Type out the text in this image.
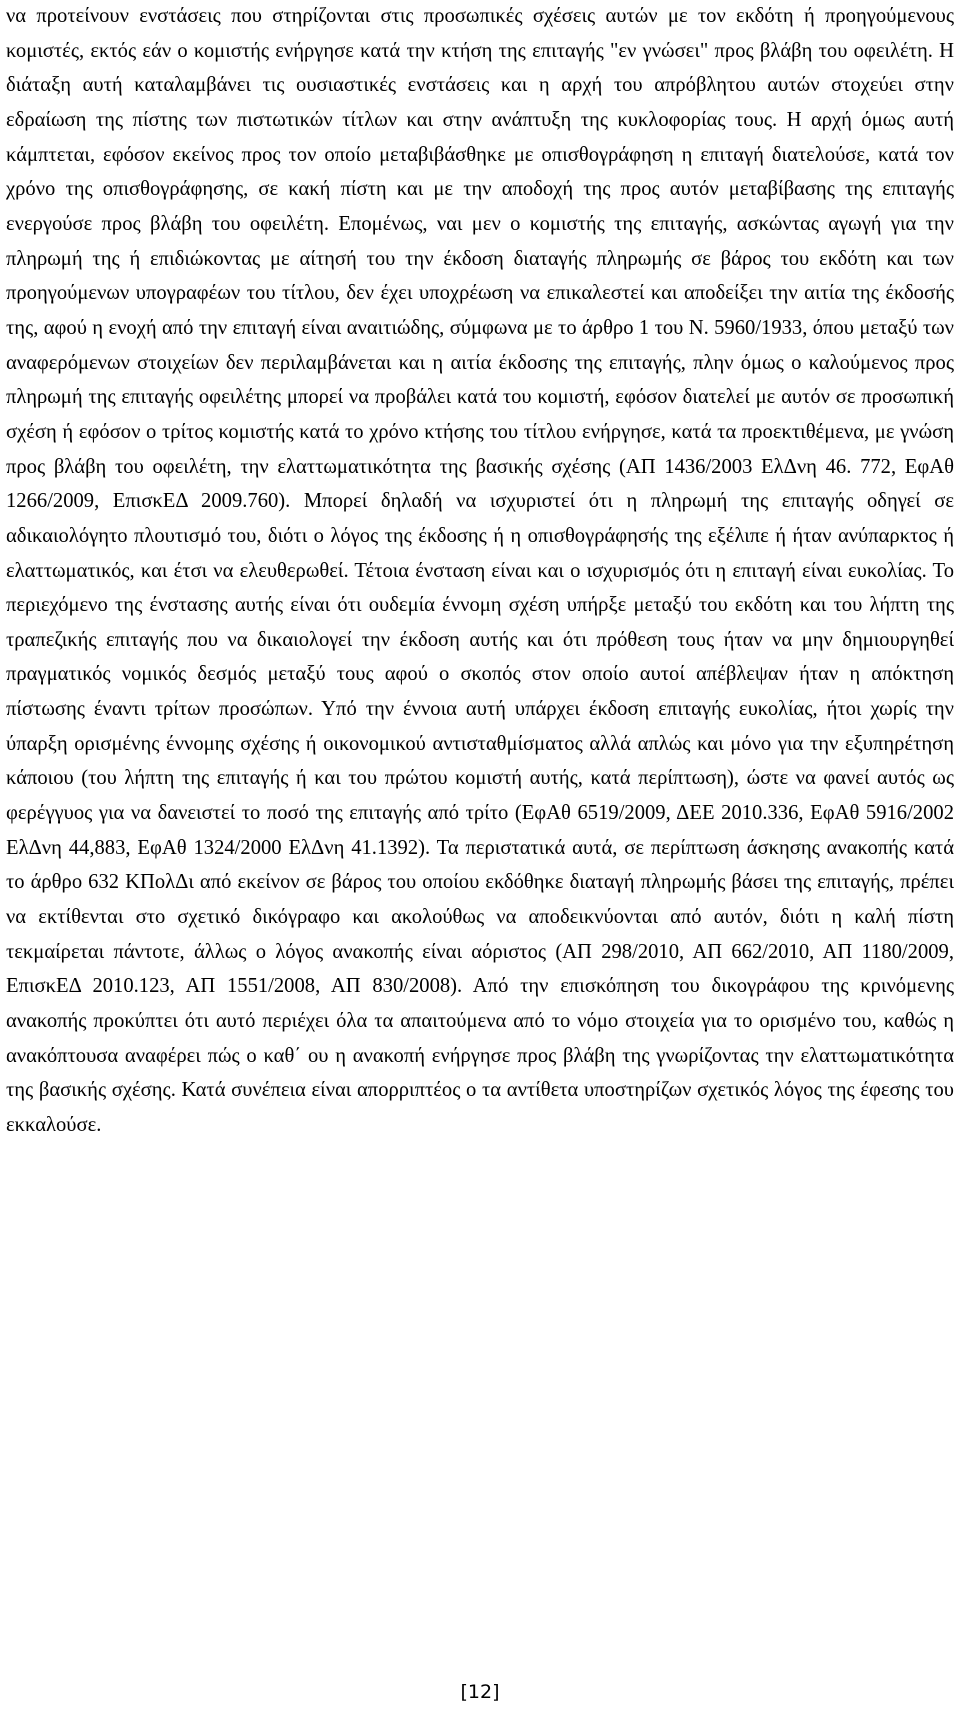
να προτείνουν ενστάσεις που στηρίζονται στις προσωπικές σχέσεις αυτών με τον εκδότη ή προηγούμενους κομιστές, εκτός εάν ο κομιστής ενήργησε κατά την κτήση της επιταγής "εν γνώσει" προς βλάβη του οφειλέτη. Η διάταξη αυτή καταλαμβάνει τις ουσιαστικές ενστάσεις και η αρχή του απρόβλητου αυτών στοχεύει στην εδραίωση της πίστης των πιστωτικών τίτλων και στην ανάπτυξη της κυκλοφορίας τους. Η αρχή όμως αυτή κάμπτεται, εφόσον εκείνος προς τον οποίο μεταβιβάσθηκε με οπισθογράφηση η επιταγή διατελούσε, κατά τον χρόνο της οπισθογράφησης, σε κακή πίστη και με την αποδοχή της προς αυτόν μεταβίβασης της επιταγής ενεργούσε προς βλάβη του οφειλέτη. Επομένως, ναι μεν ο κομιστής της επιταγής, ασκώντας αγωγή για την πληρωμή της ή επιδιώκοντας με αίτησή του την έκδοση διαταγής πληρωμής σε βάρος του εκδότη και των προηγούμενων υπογραφέων του τίτλου, δεν έχει υποχρέωση να επικαλεστεί και αποδείξει την αιτία της έκδοσής της, αφού η ενοχή από την επιταγή είναι αναιτιώδης, σύμφωνα με το άρθρο 1 του Ν. 5960/1933, όπου μεταξύ των αναφερόμενων στοιχείων δεν περιλαμβάνεται και η αιτία έκδοσης της επιταγής, πλην όμως ο καλούμενος προς πληρωμή της επιταγής οφειλέτης μπορεί να προβάλει κατά του κομιστή, εφόσον διατελεί με αυτόν σε προσωπική σχέση ή εφόσον ο τρίτος κομιστής κατά το χρόνο κτήσης του τίτλου ενήργησε, κατά τα προεκτιθέμενα, με γνώση προς βλάβη του οφειλέτη, την ελαττωματικότητα της βασικής σχέσης (ΑΠ 1436/2003 ΕλΔνη 46. 772, ΕφΑθ 1266/2009, ΕπισκΕΔ 2009.760). Μπορεί δηλαδή να ισχυριστεί ότι η πληρωμή της επιταγής οδηγεί σε αδικαιολόγητο πλουτισμό του, διότι ο λόγος της έκδοσης ή η οπισθογράφησής της εξέλιπε ή ήταν ανύπαρκτος ή ελαττωματικός, και έτσι να ελευθερωθεί. Τέτοια ένσταση είναι και ο ισχυρισμός ότι η επιταγή είναι ευκολίας. Το περιεχόμενο της ένστασης αυτής είναι ότι ουδεμία έννομη σχέση υπήρξε μεταξύ του εκδότη και του λήπτη της τραπεζικής επιταγής που να δικαιολογεί την έκδοση αυτής και ότι πρόθεση τους ήταν να μην δημιουργηθεί πραγματικός νομικός δεσμός μεταξύ τους αφού ο σκοπός στον οποίο αυτοί απέβλεψαν ήταν η απόκτηση πίστωσης έναντι τρίτων προσώπων. Υπό την έννοια αυτή υπάρχει έκδοση επιταγής ευκολίας, ήτοι χωρίς την ύπαρξη ορισμένης έννομης σχέσης ή οικονομικού αντισταθμίσματος αλλά απλώς και μόνο για την εξυπηρέτηση κάποιου (του λήπτη της επιταγής ή και του πρώτου κομιστή αυτής, κατά περίπτωση), ώστε να φανεί αυτός ως φερέγγυος για να δανειστεί το ποσό της επιταγής από τρίτο (ΕφΑθ 6519/2009, ΔΕΕ 2010.336, ΕφΑθ 5916/2002 ΕλΔνη 44,883, ΕφΑθ 1324/2000 ΕλΔνη 41.1392). Τα περιστατικά αυτά, σε περίπτωση άσκησης ανακοπής κατά το άρθρο 632 ΚΠολΔι από εκείνον σε βάρος του οποίου εκδόθηκε διαταγή πληρωμής βάσει της επιταγής, πρέπει να εκτίθενται στο σχετικό δικόγραφο και ακολούθως να αποδεικνύονται από αυτόν, διότι η καλή πίστη τεκμαίρεται πάντοτε, άλλως ο λόγος ανακοπής είναι αόριστος (ΑΠ 298/2010, ΑΠ 662/2010, ΑΠ 1180/2009, ΕπισκΕΔ 2010.123, ΑΠ 1551/2008, ΑΠ 830/2008). Από την επισκόπηση του δικογράφου της κρινόμενης ανακοπής προκύπτει ότι αυτό περιέχει όλα τα απαιτούμενα από το νόμο στοιχεία για το ορισμένο του, καθώς η ανακόπτουσα αναφέρει πώς ο καθ΄ ου η ανακοπή ενήργησε προς βλάβη της γνωρίζοντας την ελαττωματικότητα της βασικής σχέσης. Κατά συνέπεια είναι απορριπτέος ο τα αντίθετα υποστηρίζων σχετικός λόγος της έφεσης του εκκαλούσε.

[12]
